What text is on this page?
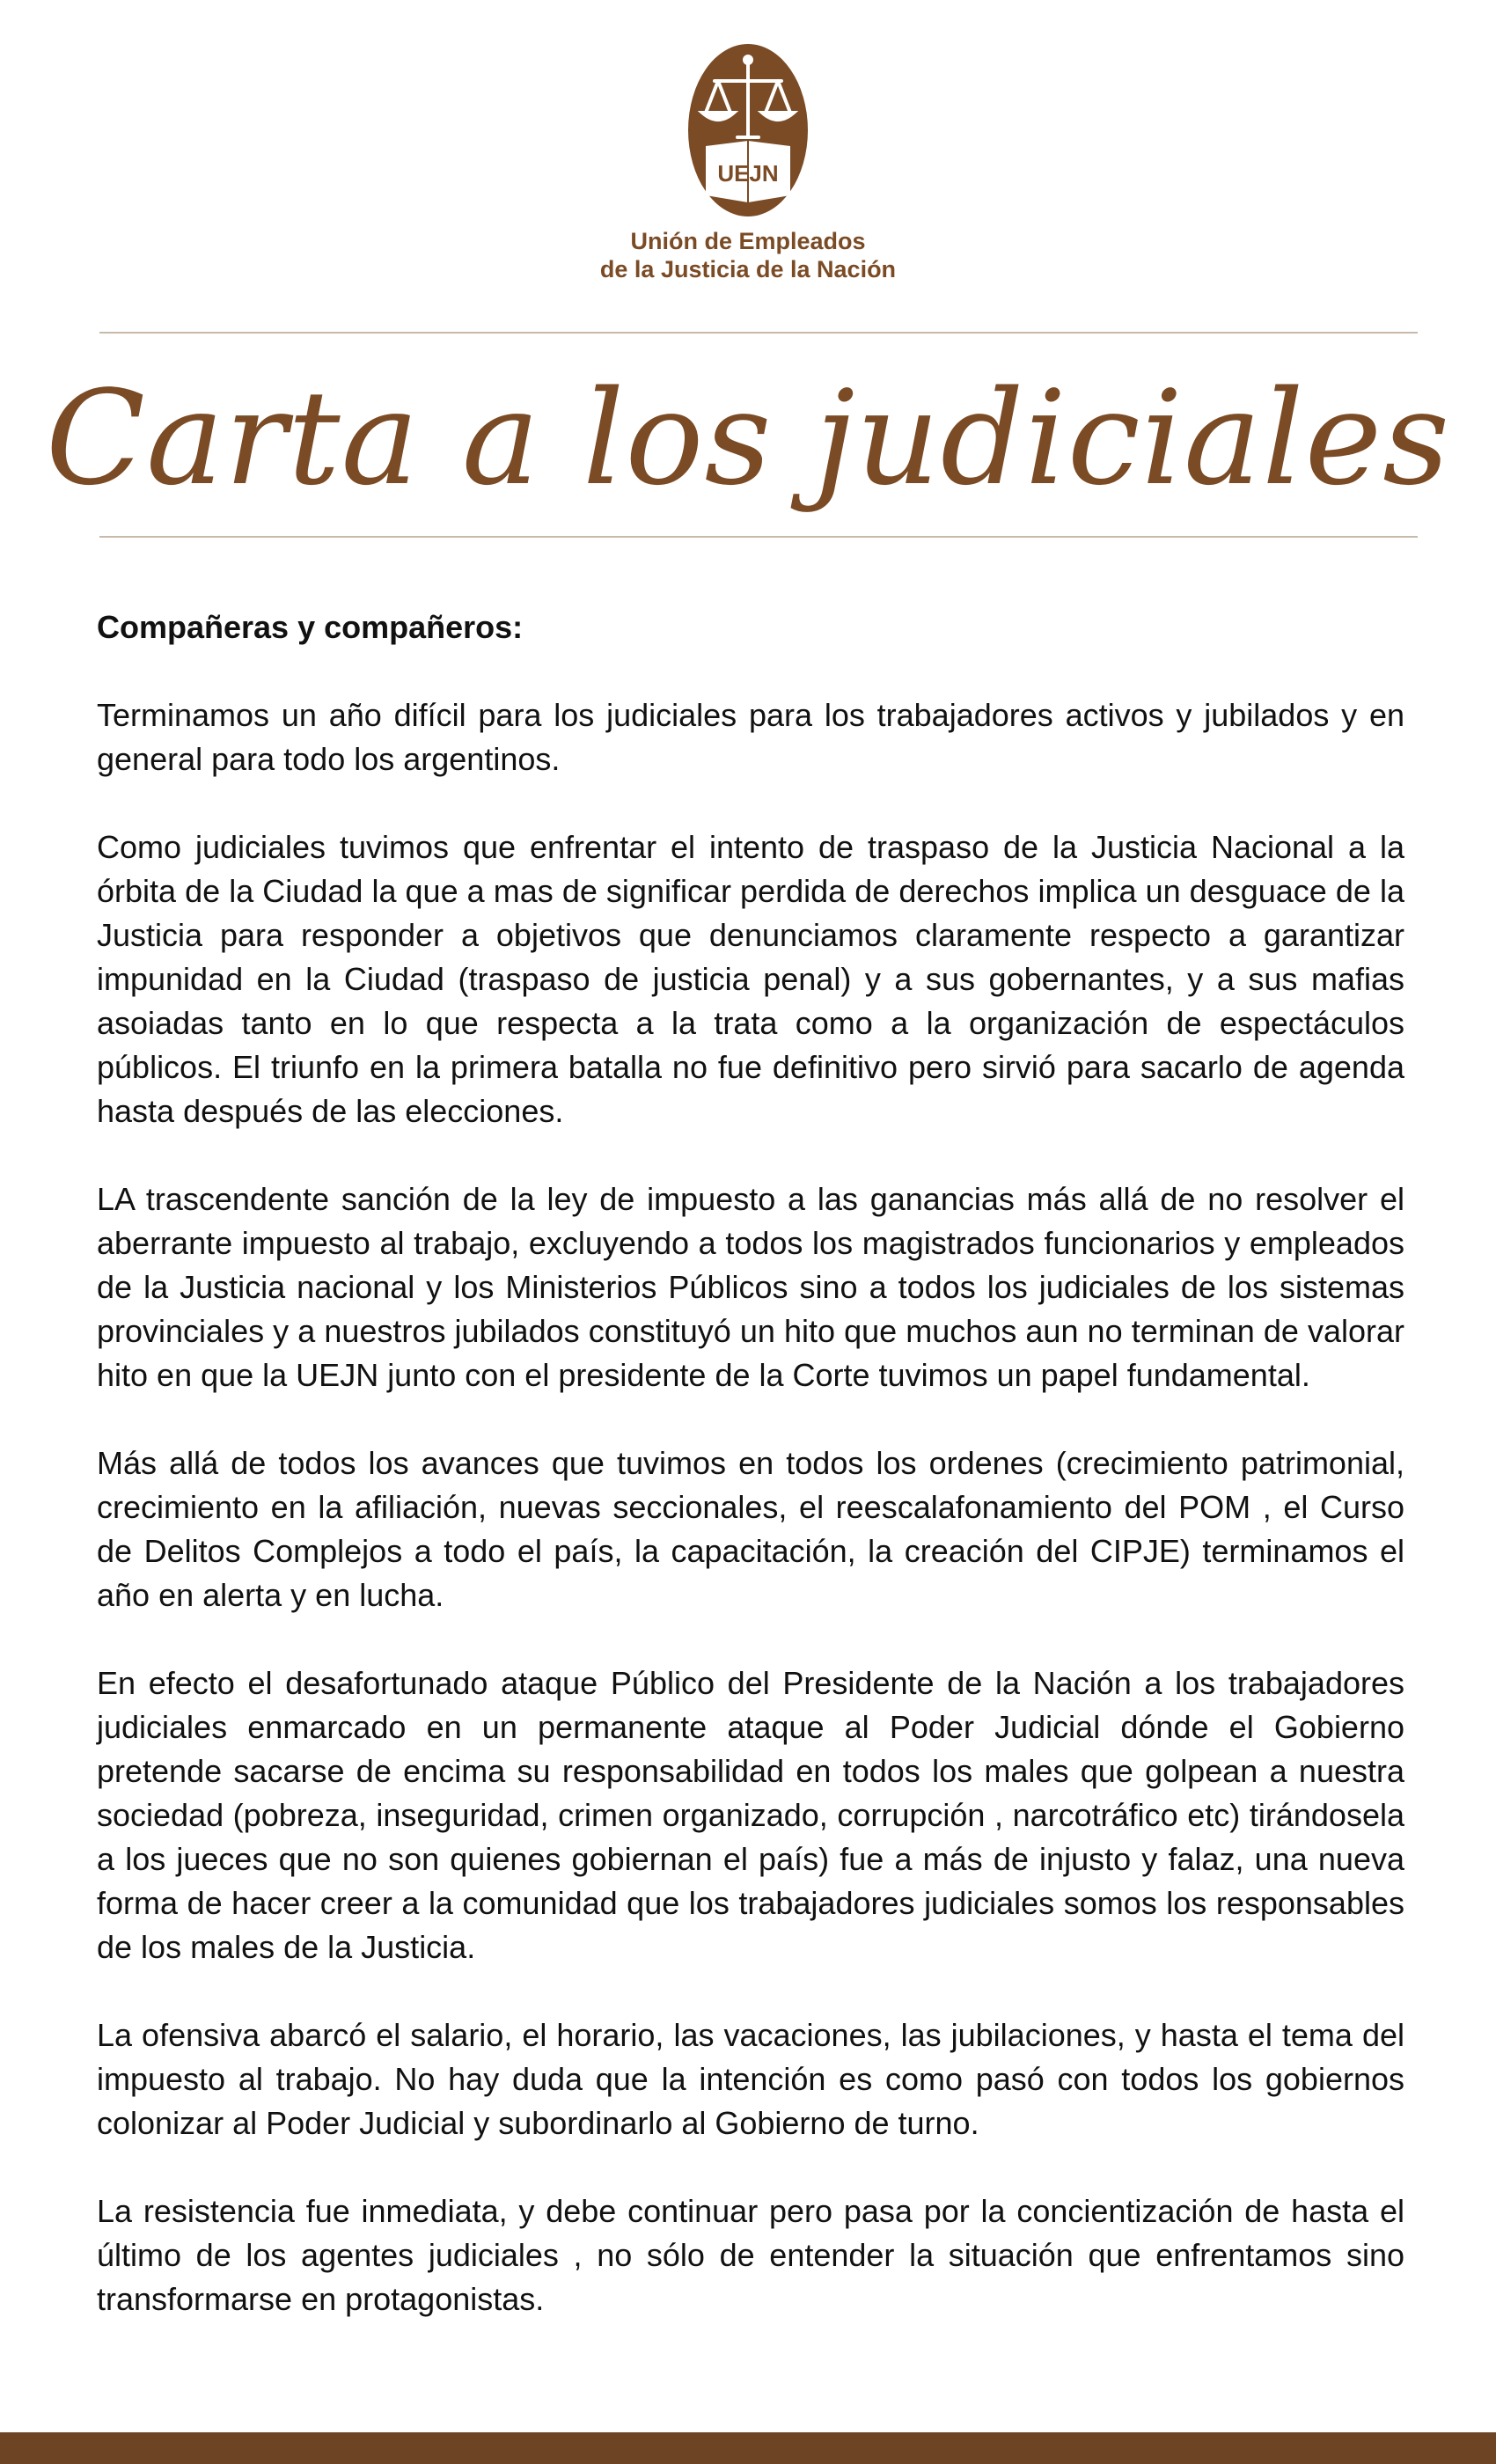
UEJN
Unión de Empleados
de la Justicia de la Nación
Carta a los judiciales

Compañeras y compañeros:

Terminamos un año difícil para los judiciales para los trabajadores activos y jubilados y en general para todo los argentinos.

Como judiciales tuvimos que enfrentar el intento de traspaso de la Justicia Nacional a la órbita de la Ciudad la que a mas de significar perdida de derechos implica un desguace de la Justicia para responder a objetivos que denunciamos claramente respecto a garantizar impunidad en la Ciudad (traspaso de justicia penal) y a sus gobernantes, y a sus mafias asoiadas tanto en lo que respecta a la trata como a la organización de espectáculos públicos. El triunfo en la primera batalla no fue definitivo pero sirvió para sacarlo de agenda hasta después de las elecciones.

LA trascendente sanción de la ley de impuesto a las ganancias más allá de no resolver el aberrante impuesto al trabajo, excluyendo a todos los magistrados funcionarios y empleados de la Justicia nacional y los Ministerios Públicos sino a todos los judiciales de los sistemas provinciales y a nuestros jubilados constituyó un hito que muchos aun no terminan de valorar hito en que la UEJN junto con el presidente de la Corte tuvimos un papel fundamental.

Más allá de todos los avances que tuvimos en todos los ordenes (crecimiento patrimonial, crecimiento en la afiliación, nuevas seccionales, el reescalafonamiento del POM , el Curso de Delitos Complejos a todo el país, la capacitación, la creación del CIPJE) terminamos el año en alerta y en lucha.

En efecto el desafortunado ataque Público del Presidente de la Nación a los trabajadores judiciales enmarcado en un permanente ataque al Poder Judicial dónde el Gobierno pretende sacarse de encima su responsabilidad en todos los males que golpean a nuestra sociedad (pobreza, inseguridad, crimen organizado, corrupción , narcotráfico etc) tirándosela a los jueces que no son quienes gobiernan el país) fue a más de injusto y falaz, una nueva forma de hacer creer a la comunidad que los trabajadores judiciales somos los responsables de los males de la Justicia.

La ofensiva abarcó el salario, el horario, las vacaciones, las jubilaciones, y hasta el tema del impuesto al trabajo. No hay duda que la intención es como pasó con todos los gobiernos colonizar al Poder Judicial y subordinarlo al Gobierno de turno.

La resistencia fue inmediata, y debe continuar pero pasa por la concientización de hasta el último de los agentes judiciales , no sólo de entender la situación que enfrentamos sino transformarse en protagonistas.
